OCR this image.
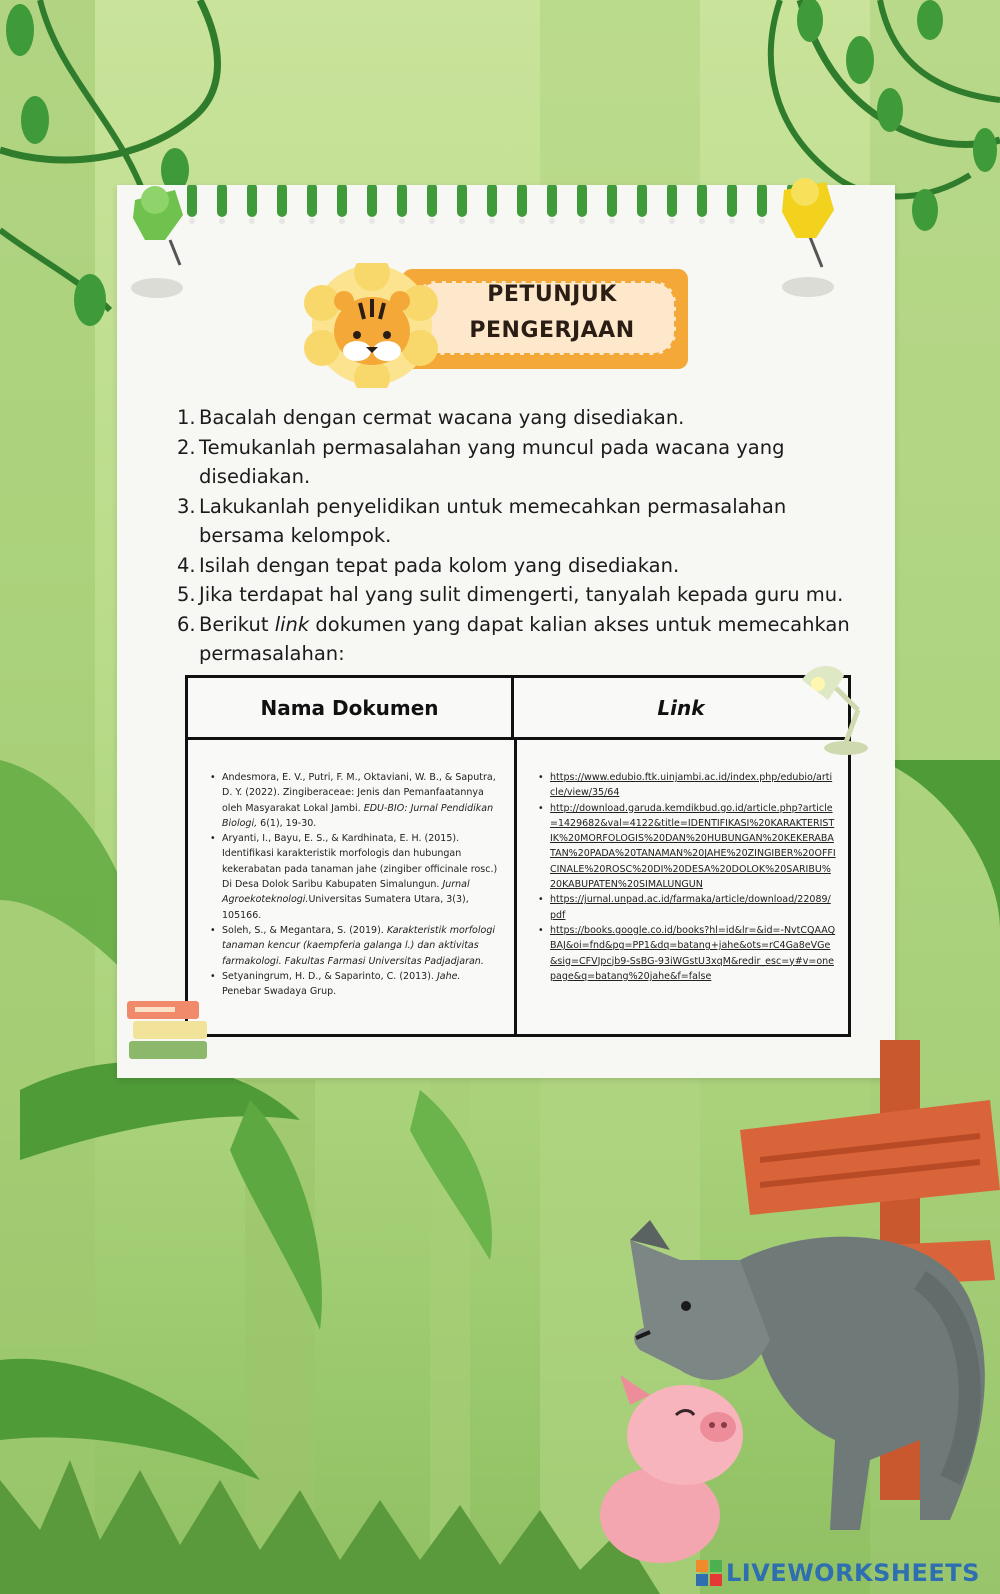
PETUNJUK
PENGERJAAN
1. Bacalah dengan cermat wacana yang disediakan.
2. Temukanlah permasalahan yang muncul pada wacana yang disediakan.
3. Lakukanlah penyelidikan untuk memecahkan permasalahan bersama kelompok.
4. Isilah dengan tepat pada kolom yang disediakan.
5. Jika terdapat hal yang sulit dimengerti, tanyalah kepada guru mu.
6. Berikut link dokumen yang dapat kalian akses untuk memecahkan permasalahan:
Nama Dokumen	Link
• Andesmora, E. V., Putri, F. M., Oktaviani, W. B., & Saputra, D. Y. (2022). Zingiberaceae: Jenis dan Pemanfaatannya oleh Masyarakat Lokal Jambi. EDU-BIO: Jurnal Pendidikan Biologi, 6(1), 19-30.
• Aryanti, I., Bayu, E. S., & Kardhinata, E. H. (2015). Identifikasi karakteristik morfologis dan hubungan kekerabatan pada tanaman jahe (zingiber officinale rosc.) Di Desa Dolok Saribu Kabupaten Simalungun. Jurnal Agroekoteknologi.Universitas Sumatera Utara, 3(3), 105166.
• Soleh, S., & Megantara, S. (2019). Karakteristik morfologi tanaman kencur (kaempferia galanga l.) dan aktivitas farmakologi. Fakultas Farmasi Universitas Padjadjaran.
• Setyaningrum, H. D., & Saparinto, C. (2013). Jahe. Penebar Swadaya Grup.
• https://www.edubio.ftk.uinjambi.ac.id/index.php/edubio/article/view/35/64
• http://download.garuda.kemdikbud.go.id/article.php?article=1429682&val=4122&title=IDENTIFIKASI%20KARAKTERISTIK%20MORFOLOGIS%20DAN%20HUBUNGAN%20KEKERABATAN%20PADA%20TANAMAN%20JAHE%20ZINGIBER%20OFFICINALE%20ROSC%20DI%20DESA%20DOLOK%20SARIBU%20KABUPATEN%20SIMALUNGUN
• https://jurnal.unpad.ac.id/farmaka/article/download/22089/pdf
• https://books.google.co.id/books?hl=id&lr=&id=-NvtCQAAQBAJ&oi=fnd&pg=PP1&dq=batang+jahe&ots=rC4Ga8eVGe&sig=CFVJpcjb9-SsBG-93iWGstU3xqM&redir_esc=y#v=onepage&q=batang%20jahe&f=false
LIVEWORKSHEETS
